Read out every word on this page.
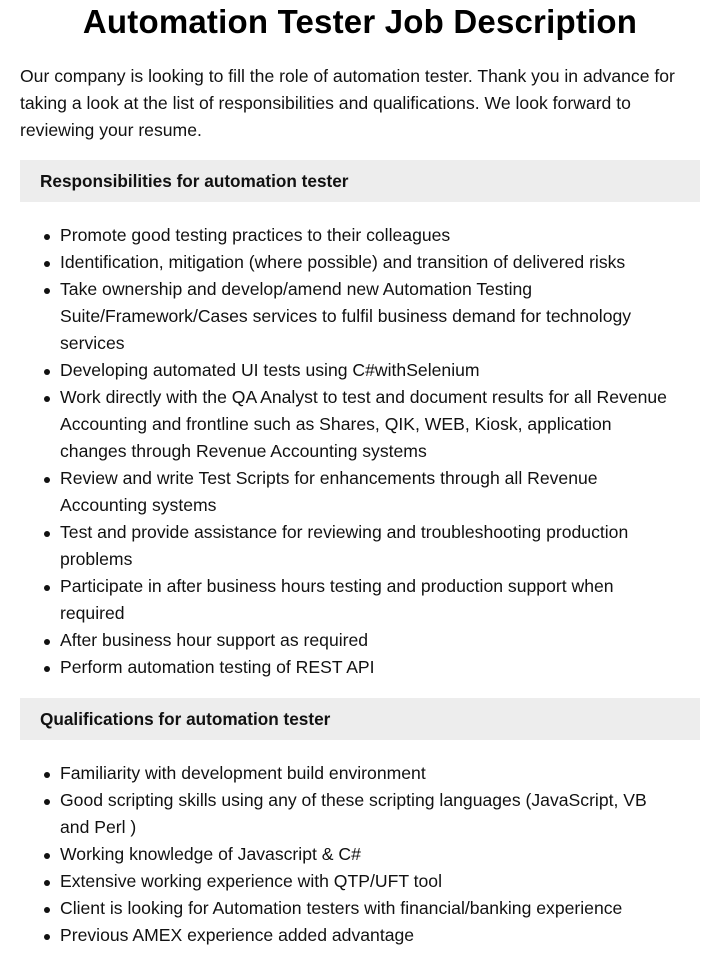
Automation Tester Job Description

Our company is looking to fill the role of automation tester. Thank you in advance for taking a look at the list of responsibilities and qualifications. We look forward to reviewing your resume.

Responsibilities for automation tester
Promote good testing practices to their colleagues
Identification, mitigation (where possible) and transition of delivered risks
Take ownership and develop/amend new Automation Testing Suite/Framework/Cases services to fulfil business demand for technology services
Developing automated UI tests using C#withSelenium
Work directly with the QA Analyst to test and document results for all Revenue Accounting and frontline such as Shares, QIK, WEB, Kiosk, application changes through Revenue Accounting systems
Review and write Test Scripts for enhancements through all Revenue Accounting systems
Test and provide assistance for reviewing and troubleshooting production problems
Participate in after business hours testing and production support when required
After business hour support as required
Perform automation testing of REST API
Qualifications for automation tester
Familiarity with development build environment
Good scripting skills using any of these scripting languages (JavaScript, VB and Perl )
Working knowledge of Javascript & C#
Extensive working experience with QTP/UFT tool
Client is looking for Automation testers with financial/banking experience
Previous AMEX experience added advantage
